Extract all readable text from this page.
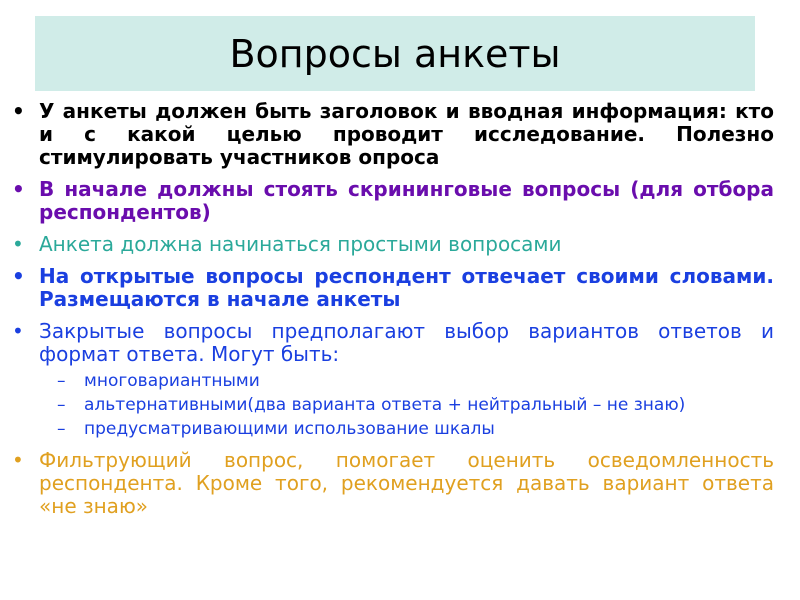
Вопросы анкеты
• У анкеты должен быть заголовок и вводная информация: кто и с какой целью проводит исследование. Полезно стимулировать участников опроса
• В начале должны стоять скрининговые вопросы (для отбора респондентов)
• Анкета должна начинаться простыми вопросами
• На открытые вопросы респондент отвечает своими словами. Размещаются в начале анкеты
• Закрытые вопросы предполагают выбор вариантов ответов и формат ответа. Могут быть:
– многовариантными
– альтернативными(два варианта ответа + нейтральный – не знаю)
– предусматривающими использование шкалы
• Фильтрующий вопрос, помогает оценить осведомленность респондента. Кроме того, рекомендуется давать вариант ответа «не знаю»
